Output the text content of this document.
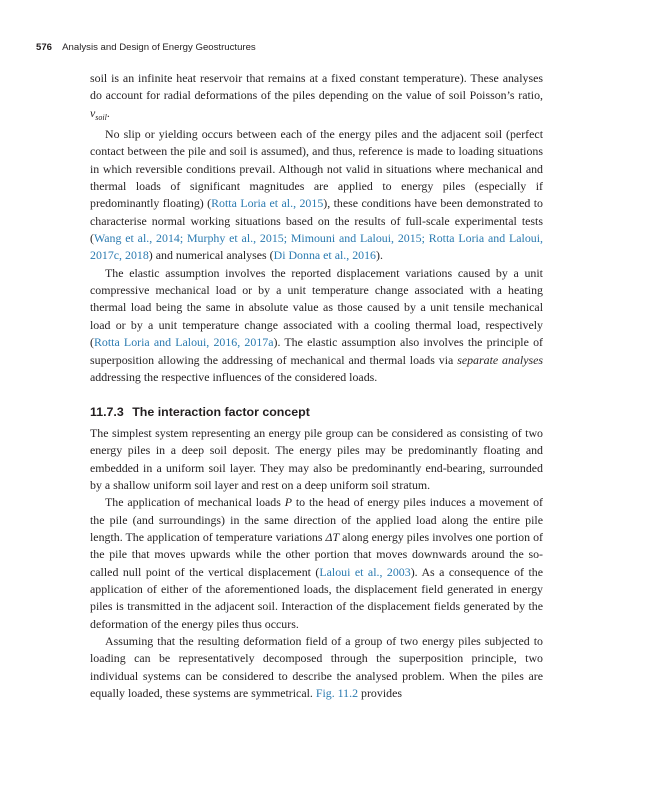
576 Analysis and Design of Energy Geostructures

soil is an infinite heat reservoir that remains at a fixed constant temperature). These analyses do account for radial deformations of the piles depending on the value of soil Poisson’s ratio, $\nu_{soil}$.

No slip or yielding occurs between each of the energy piles and the adjacent soil (perfect contact between the pile and soil is assumed), and thus, reference is made to loading situations in which reversible conditions prevail. Although not valid in situations where mechanical and thermal loads of significant magnitudes are applied to energy piles (especially if predominantly floating) (Rotta Loria et al., 2015), these conditions have been demonstrated to characterise normal working situations based on the results of full-scale experimental tests (Wang et al., 2014; Murphy et al., 2015; Mimouni and Laloui, 2015; Rotta Loria and Laloui, 2017c, 2018) and numerical analyses (Di Donna et al., 2016).

The elastic assumption involves the reported displacement variations caused by a unit compressive mechanical load or by a unit temperature change associated with a heating thermal load being the same in absolute value as those caused by a unit tensile mechanical load or by a unit temperature change associated with a cooling thermal load, respectively (Rotta Loria and Laloui, 2016, 2017a). The elastic assumption also involves the principle of superposition allowing the addressing of mechanical and thermal loads via separate analyses addressing the respective influences of the considered loads.

11.7.3 The interaction factor concept

The simplest system representing an energy pile group can be considered as consisting of two energy piles in a deep soil deposit. The energy piles may be predominantly floating and embedded in a uniform soil layer. They may also be predominantly end-bearing, surrounded by a shallow uniform soil layer and rest on a deep uniform soil stratum.

The application of mechanical loads P to the head of energy piles induces a movement of the pile (and surroundings) in the same direction of the applied load along the entire pile length. The application of temperature variations ΔT along energy piles involves one portion of the pile that moves upwards while the other portion that moves downwards around the so-called null point of the vertical displacement (Laloui et al., 2003). As a consequence of the application of either of the aforementioned loads, the displacement field generated in energy piles is transmitted in the adjacent soil. Interaction of the displacement fields generated by the deformation of the energy piles thus occurs.

Assuming that the resulting deformation field of a group of two energy piles subjected to loading can be representatively decomposed through the superposition principle, two individual systems can be considered to describe the analysed problem. When the piles are equally loaded, these systems are symmetrical. Fig. 11.2 provides
